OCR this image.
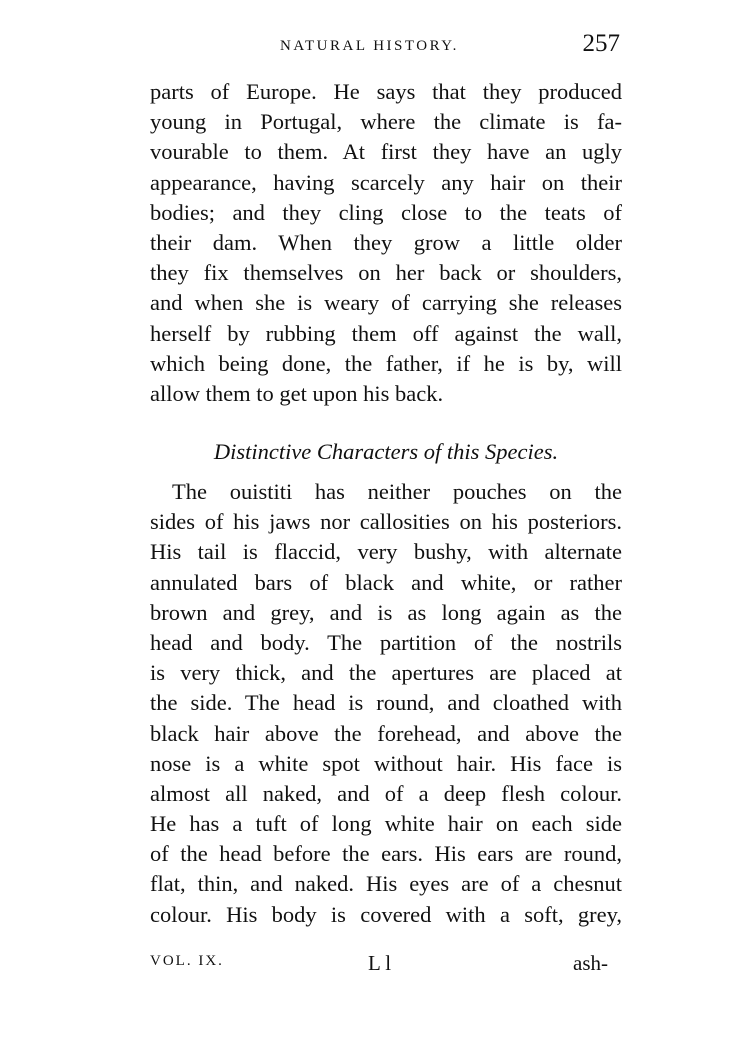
NATURAL HISTORY.	257
parts of Europe. He says that they produced
young in Portugal, where the climate is fa-
vourable to them. At first they have an ugly
appearance, having scarcely any hair on their
bodies; and they cling close to the teats of
their dam. When they grow a little older
they fix themselves on her back or shoulders,
and when she is weary of carrying she releases
herself by rubbing them off against the wall,
which being done, the father, if he is by, will
allow them to get upon his back.
Distinctive Characters of this Species.
The ouistiti has neither pouches on the
sides of his jaws nor callosities on his posteriors.
His tail is flaccid, very bushy, with alternate
annulated bars of black and white, or rather
brown and grey, and is as long again as the
head and body. The partition of the nostrils
is very thick, and the apertures are placed at
the side. The head is round, and cloathed with
black hair above the forehead, and above the
nose is a white spot without hair. His face is
almost all naked, and of a deep flesh colour.
He has a tuft of long white hair on each side
of the head before the ears. His ears are round,
flat, thin, and naked. His eyes are of a chesnut
colour. His body is covered with a soft, grey,
VOL. IX.	L l	ash-
